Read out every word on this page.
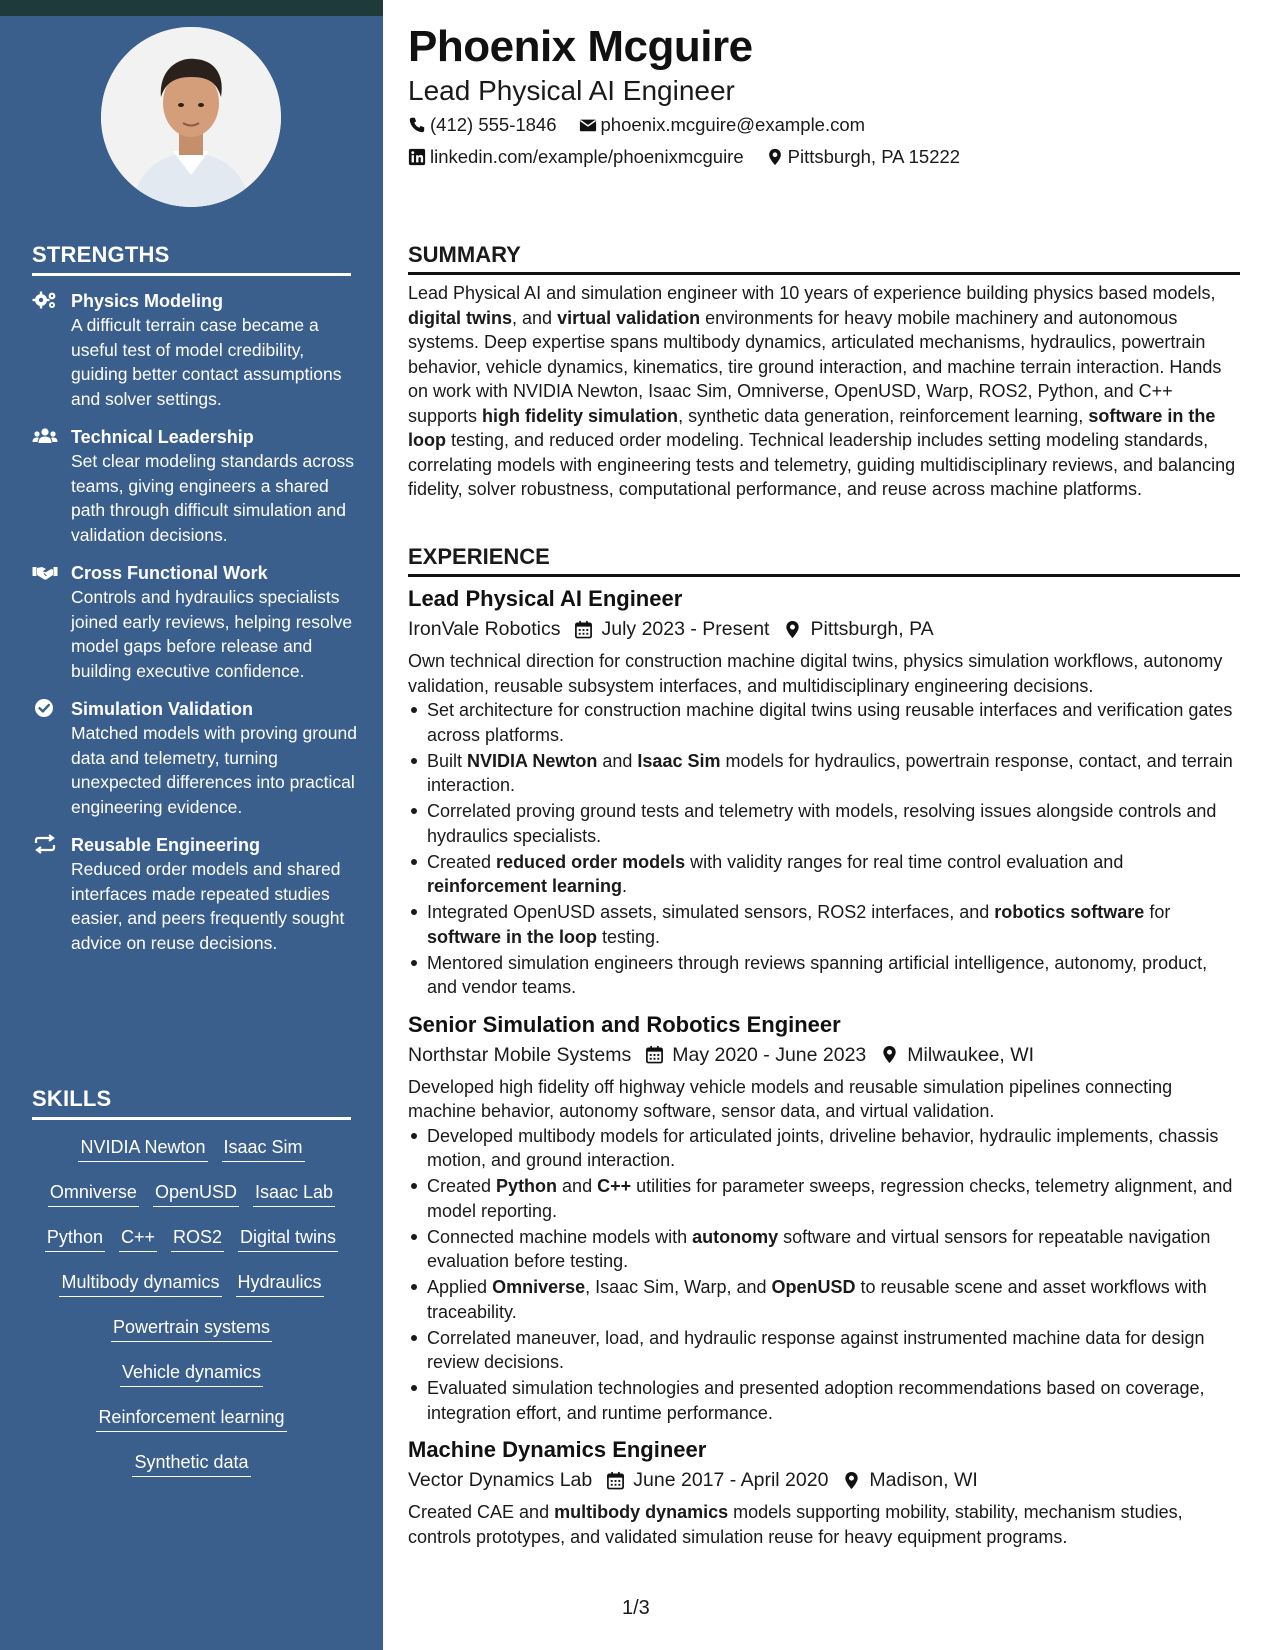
STRENGTHS
Physics Modeling
A difficult terrain case became a useful test of model credibility, guiding better contact assumptions and solver settings.
Technical Leadership
Set clear modeling standards across teams, giving engineers a shared path through difficult simulation and validation decisions.
Cross Functional Work
Controls and hydraulics specialists joined early reviews, helping resolve model gaps before release and building executive confidence.
Simulation Validation
Matched models with proving ground data and telemetry, turning unexpected differences into practical engineering evidence.
Reusable Engineering
Reduced order models and shared interfaces made repeated studies easier, and peers frequently sought advice on reuse decisions.
SKILLS
NVIDIA Newton Isaac Sim
Omniverse OpenUSD Isaac Lab
Python C++ ROS2 Digital twins
Multibody dynamics Hydraulics
Powertrain systems
Vehicle dynamics
Reinforcement learning
Synthetic data
Phoenix Mcguire
Lead Physical AI Engineer
(412) 555-1846 phoenix.mcguire@example.com
linkedin.com/example/phoenixmcguire Pittsburgh, PA 15222
SUMMARY
Lead Physical AI and simulation engineer with 10 years of experience building physics based models, digital twins, and virtual validation environments for heavy mobile machinery and autonomous systems. Deep expertise spans multibody dynamics, articulated mechanisms, hydraulics, powertrain behavior, vehicle dynamics, kinematics, tire ground interaction, and machine terrain interaction. Hands on work with NVIDIA Newton, Isaac Sim, Omniverse, OpenUSD, Warp, ROS2, Python, and C++ supports high fidelity simulation, synthetic data generation, reinforcement learning, software in the loop testing, and reduced order modeling. Technical leadership includes setting modeling standards, correlating models with engineering tests and telemetry, guiding multidisciplinary reviews, and balancing fidelity, solver robustness, computational performance, and reuse across machine platforms.
EXPERIENCE
Lead Physical AI Engineer
IronVale Robotics July 2023 - Present Pittsburgh, PA
Own technical direction for construction machine digital twins, physics simulation workflows, autonomy validation, reusable subsystem interfaces, and multidisciplinary engineering decisions.
Set architecture for construction machine digital twins using reusable interfaces and verification gates across platforms.
Built NVIDIA Newton and Isaac Sim models for hydraulics, powertrain response, contact, and terrain interaction.
Correlated proving ground tests and telemetry with models, resolving issues alongside controls and hydraulics specialists.
Created reduced order models with validity ranges for real time control evaluation and reinforcement learning.
Integrated OpenUSD assets, simulated sensors, ROS2 interfaces, and robotics software for software in the loop testing.
Mentored simulation engineers through reviews spanning artificial intelligence, autonomy, product, and vendor teams.
Senior Simulation and Robotics Engineer
Northstar Mobile Systems May 2020 - June 2023 Milwaukee, WI
Developed high fidelity off highway vehicle models and reusable simulation pipelines connecting machine behavior, autonomy software, sensor data, and virtual validation.
Developed multibody models for articulated joints, driveline behavior, hydraulic implements, chassis motion, and ground interaction.
Created Python and C++ utilities for parameter sweeps, regression checks, telemetry alignment, and model reporting.
Connected machine models with autonomy software and virtual sensors for repeatable navigation evaluation before testing.
Applied Omniverse, Isaac Sim, Warp, and OpenUSD to reusable scene and asset workflows with traceability.
Correlated maneuver, load, and hydraulic response against instrumented machine data for design review decisions.
Evaluated simulation technologies and presented adoption recommendations based on coverage, integration effort, and runtime performance.
Machine Dynamics Engineer
Vector Dynamics Lab June 2017 - April 2020 Madison, WI
Created CAE and multibody dynamics models supporting mobility, stability, mechanism studies, controls prototypes, and validated simulation reuse for heavy equipment programs.
1/3
